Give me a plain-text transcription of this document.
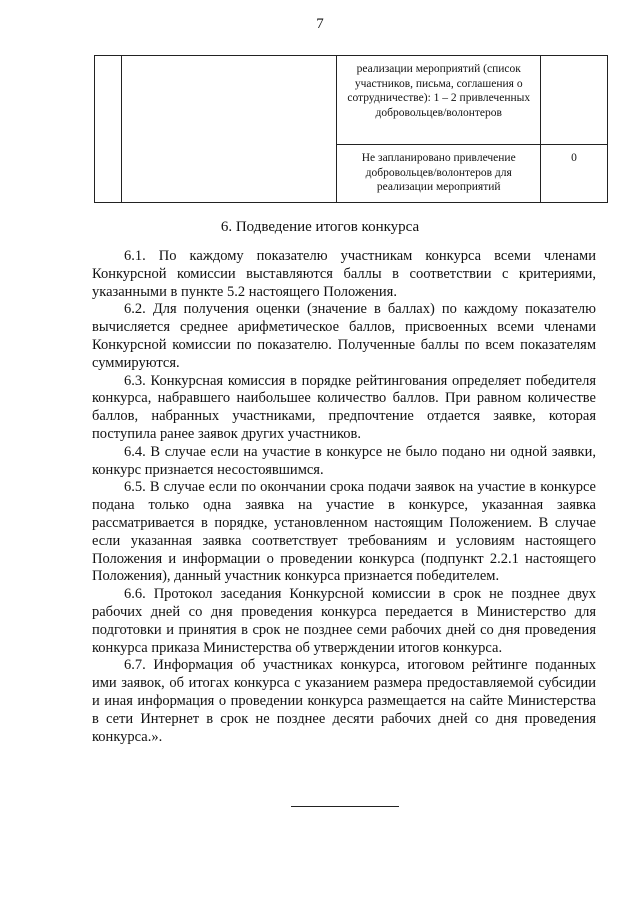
7

		реализации мероприятий (список участников, письма, соглашения о сотрудничестве): 1 – 2 привлеченных добровольцев/волонтеров	

		Не запланировано привлечение добровольцев/волонтеров для реализации мероприятий	0
6. Подведение итогов конкурса

6.1. По каждому показателю участникам конкурса всеми членами Конкурсной комиссии выставляются баллы в соответствии с критериями, указанными в пункте 5.2 настоящего Положения.

6.2. Для получения оценки (значение в баллах) по каждому показателю вычисляется среднее арифметическое баллов, присвоенных всеми членами Конкурсной комиссии по показателю. Полученные баллы по всем показателям суммируются.

6.3. Конкурсная комиссия в порядке рейтингования определяет победителя конкурса, набравшего наибольшее количество баллов. При равном количестве баллов, набранных участниками, предпочтение отдается заявке, которая поступила ранее заявок других участников.

6.4. В случае если на участие в конкурсе не было подано ни одной заявки, конкурс признается несостоявшимся.

6.5. В случае если по окончании срока подачи заявок на участие в конкурсе подана только одна заявка на участие в конкурсе, указанная заявка рассматривается в порядке, установленном настоящим Положением. В случае если указанная заявка соответствует требованиям и условиям настоящего Положения и информации о проведении конкурса (подпункт 2.2.1 настоящего Положения), данный участник конкурса признается победителем.

6.6. Протокол заседания Конкурсной комиссии в срок не позднее двух рабочих дней со дня проведения конкурса передается в Министерство для подготовки и принятия в срок не позднее семи рабочих дней со дня проведения конкурса приказа Министерства об утверждении итогов конкурса.

6.7. Информация об участниках конкурса, итоговом рейтинге поданных ими заявок, об итогах конкурса с указанием размера предоставляемой субсидии и иная информация о проведении конкурса размещается на сайте Министерства в сети Интернет в срок не позднее десяти рабочих дней со дня проведения конкурса.».
